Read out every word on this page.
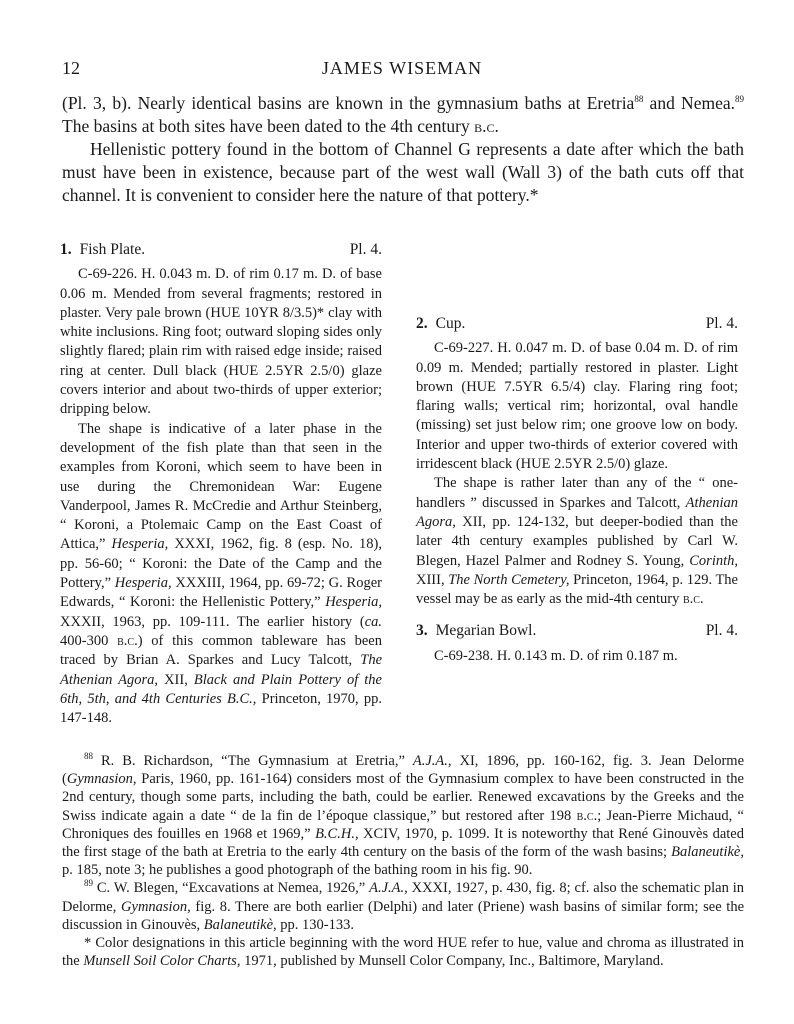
12	JAMES WISEMAN

(Pl. 3, b). Nearly identical basins are known in the gymnasium baths at Eretria$^{88}$ and Nemea.$^{89}$ The basins at both sites have been dated to the 4th century b.c.

Hellenistic pottery found in the bottom of Channel G represents a date after which the bath must have been in existence, because part of the west wall (Wall 3) of the bath cuts off that channel. It is convenient to consider here the nature of that pottery.*

1. Fish Plate.	Pl. 4.

C-69-226. H. 0.043 m. D. of rim 0.17 m. D. of base 0.06 m. Mended from several fragments; restored in plaster. Very pale brown (HUE 10YR 8/3.5)* clay with white inclusions. Ring foot; outward sloping sides only slightly flared; plain rim with raised edge inside; raised ring at center. Dull black (HUE 2.5YR 2.5/0) glaze covers interior and about two-thirds of upper exterior; dripping below.

The shape is indicative of a later phase in the development of the fish plate than that seen in the examples from Koroni, which seem to have been in use during the Chremonidean War: Eugene Vanderpool, James R. McCredie and Arthur Steinberg, “ Koroni, a Ptolemaic Camp on the East Coast of Attica,” Hesperia, XXXI, 1962, fig. 8 (esp. No. 18), pp. 56-60; “ Koroni: the Date of the Camp and the Pottery,” Hesperia, XXXIII, 1964, pp. 69-72; G. Roger Edwards, “ Koroni: the Hellenistic Pottery,” Hesperia, XXXII, 1963, pp. 109-111. The earlier history (ca. 400-300 b.c.) of this common tableware has been traced by Brian A. Sparkes and Lucy Talcott, The Athenian Agora, XII, Black and Plain Pottery of the 6th, 5th, and 4th Centuries B.C., Princeton, 1970, pp. 147-148.

2. Cup.	Pl. 4.

C-69-227. H. 0.047 m. D. of base 0.04 m. D. of rim 0.09 m. Mended; partially restored in plaster. Light brown (HUE 7.5YR 6.5/4) clay. Flaring ring foot; flaring walls; vertical rim; horizontal, oval handle (missing) set just below rim; one groove low on body. Interior and upper two-thirds of exterior covered with irridescent black (HUE 2.5YR 2.5/0) glaze.

The shape is rather later than any of the “ one-handlers ” discussed in Sparkes and Talcott, Athenian Agora, XII, pp. 124-132, but deeper-bodied than the later 4th century examples published by Carl W. Blegen, Hazel Palmer and Rodney S. Young, Corinth, XIII, The North Cemetery, Princeton, 1964, p. 129. The vessel may be as early as the mid-4th century b.c.

3. Megarian Bowl.	Pl. 4.

C-69-238. H. 0.143 m. D. of rim 0.187 m.

$^{88}$ R. B. Richardson, “The Gymnasium at Eretria,” A.J.A., XI, 1896, pp. 160-162, fig. 3. Jean Delorme (Gymnasion, Paris, 1960, pp. 161-164) considers most of the Gymnasium complex to have been constructed in the 2nd century, though some parts, including the bath, could be earlier. Renewed excavations by the Greeks and the Swiss indicate again a date “ de la fin de l’époque classique,” but restored after 198 b.c.; Jean-Pierre Michaud, “ Chroniques des fouilles en 1968 et 1969,” B.C.H., XCIV, 1970, p. 1099. It is noteworthy that René Ginouvès dated the first stage of the bath at Eretria to the early 4th century on the basis of the form of the wash basins; Balaneutikè, p. 185, note 3; he publishes a good photograph of the bathing room in his fig. 90.

$^{89}$ C. W. Blegen, “Excavations at Nemea, 1926,” A.J.A., XXXI, 1927, p. 430, fig. 8; cf. also the schematic plan in Delorme, Gymnasion, fig. 8. There are both earlier (Delphi) and later (Priene) wash basins of similar form; see the discussion in Ginouvès, Balaneutikè, pp. 130-133.

* Color designations in this article beginning with the word HUE refer to hue, value and chroma as illustrated in the Munsell Soil Color Charts, 1971, published by Munsell Color Company, Inc., Baltimore, Maryland.
